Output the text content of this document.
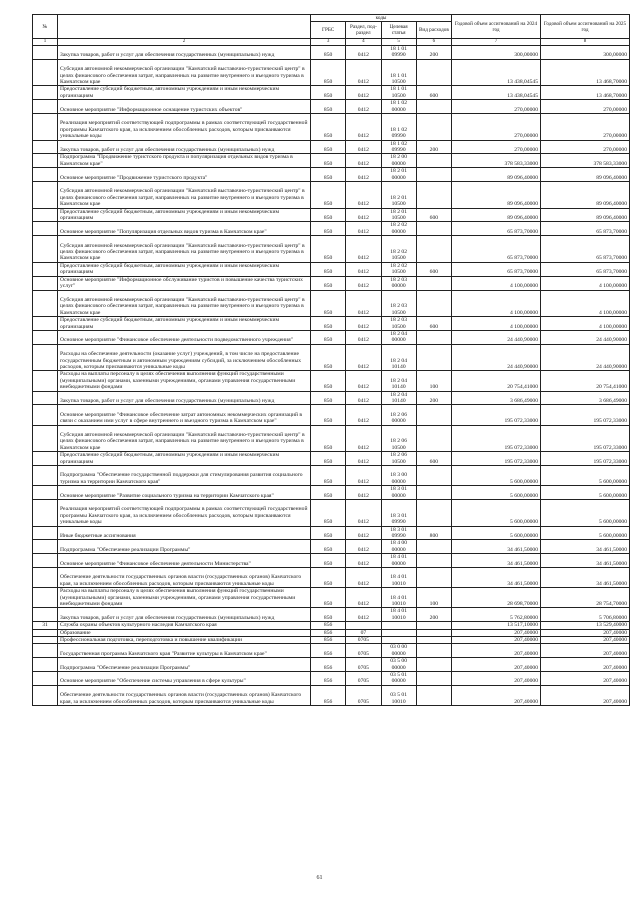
№		коды				Годовой объем ассигнований на 2024 год	Годовой объем ассигнований на 2025 год
		ГРБС	Раздел, под-раздел	Целевая статья	Вид расходов		
1	2	3	4	5	6	7	8
	Закупка товаров, работ и услуг для обеспечения государственных (муниципальных) нужд	850	0412	18 1 01 09990	200	300,00000	300,00000
	Субсидия автономной некоммерческой организации "Камчатский выставочно-туристический центр" в целях финансового обеспечения затрат, направленных на развитие внутреннего и въездного туризма в Камчатском крае	850	0412	18 1 01 10500		13 438,04545	13 468,70000
	Предоставление субсидий бюджетным, автономным учреждениям и иным некоммерческим организациям	850	0412	18 1 01 10500	600	13 438,04545	13 468,70000
	Основное мероприятие "Информационное оснащение туристских объектов"	850	0412	18 1 02 00000		270,00000	270,00000
	Реализация мероприятий соответствующей подпрограммы в рамках соответствующей государственной программы Камчатского края, за исключением обособленных расходов, которым присваиваются уникальные коды	850	0412	18 1 02 09990		270,00000	270,00000
	Закупка товаров, работ и услуг для обеспечения государственных (муниципальных) нужд	850	0412	18 1 02 09990	200	270,00000	270,00000
	Подпрограмма "Продвижение туристского продукта и популяризация отдельных видов туризма в Камчатском крае"	850	0412	18 2 00 00000		378 583,33000	378 583,33000
	Основное мероприятие "Продвижение туристского продукта"	850	0412	18 2 01 00000		89 096,40000	89 096,40000
	Субсидия автономной некоммерческой организации "Камчатский выставочно-туристический центр" в целях финансового обеспечения затрат, направленных на развитие внутреннего и въездного туризма в Камчатском крае	850	0412	18 2 01 10500		89 096,40000	89 096,40000
	Предоставление субсидий бюджетным, автономным учреждениям и иным некоммерческим организациям	850	0412	18 2 01 10500	600	89 096,40000	89 096,40000
	Основное мероприятие "Популяризация отдельных видов туризма в Камчатском крае"	850	0412	18 2 02 00000		65 873,70000	65 873,70000
	Субсидия автономной некоммерческой организации "Камчатский выставочно-туристический центр" в целях финансового обеспечения затрат, направленных на развитие внутреннего и въездного туризма в Камчатском крае	850	0412	18 2 02 10500		65 873,70000	65 873,70000
	Предоставление субсидий бюджетным, автономным учреждениям и иным некоммерческим организациям	850	0412	18 2 02 10500	600	65 873,70000	65 873,70000
	Основное мероприятие "Информационное обслуживание туристов и повышение качества туристских услуг"	850	0412	18 2 03 00000		4 100,00000	4 100,00000
	Субсидия автономной некоммерческой организации "Камчатский выставочно-туристический центр" в целях финансового обеспечения затрат, направленных на развитие внутреннего и въездного туризма в Камчатском крае	850	0412	18 2 03 10500		4 100,00000	4 100,00000
	Предоставление субсидий бюджетным, автономным учреждениям и иным некоммерческим организациям	850	0412	18 2 03 10500	600	4 100,00000	4 100,00000
	Основное мероприятие "Финансовое обеспечение деятельности подведомственного учреждения"	850	0412	18 2 04 00000		24 440,90000	24 440,90000
	Расходы на обеспечение деятельности (оказание услуг) учреждений, в том числе на предоставление государственным бюджетным и автономным учреждениям субсидий, за исключением обособленных расходов, которым присваиваются уникальные коды	850	0412	18 2 04 10140		24 440,90000	24 440,90000
	Расходы на выплаты персоналу в целях обеспечения выполнения функций государственными (муниципальными) органами, казенными учреждениями, органами управления государственными внебюджетными фондами	850	0412	18 2 04 10140	100	20 754,41000	20 754,41000
	Закупка товаров, работ и услуг для обеспечения государственных (муниципальных) нужд	850	0412	18 2 04 10140	200	3 686,49000	3 686,49000
	Основное мероприятие "Финансовое обеспечение затрат автономных некоммерческих организаций в связи с оказанием ими услуг в сфере внутреннего и въездного туризма в Камчатском крае"	850	0412	18 2 06 00000		195 072,33000	195 072,33000
	Субсидия автономной некоммерческой организации "Камчатский выставочно-туристический центр" в целях финансового обеспечения затрат, направленных на развитие внутреннего и въездного туризма в Камчатском крае	850	0412	18 2 06 10500		195 072,33000	195 072,33000
	Предоставление субсидий бюджетным, автономным учреждениям и иным некоммерческим организациям	850	0412	18 2 06 10500	600	195 072,33000	195 072,33000
	Подпрограмма "Обеспечение государственной поддержки для стимулирования развития социального туризма на территории Камчатского края"	850	0412	18 3 00 00000		5 600,00000	5 600,00000
	Основное мероприятие "Развитие социального туризма на территории Камчатского края"	850	0412	18 3 01 00000		5 600,00000	5 600,00000
	Реализация мероприятий соответствующей подпрограммы в рамках соответствующей государственной программы Камчатского края, за исключением обособленных расходов, которым присваиваются уникальные коды	850	0412	18 3 01 09990		5 600,00000	5 600,00000
	Иные бюджетные ассигнования	850	0412	18 3 01 09990	800	5 600,00000	5 600,00000
	Подпрограмма "Обеспечение реализации Программы"	850	0412	18 4 00 00000		34 461,50000	34 461,50000
	Основное мероприятие "Финансовое обеспечение деятельности Министерства"	850	0412	18 4 01 00000		34 461,50000	34 461,50000
	Обеспечение деятельности государственных органов власти (государственных органов) Камчатского края, за исключением обособленных расходов, которым присваиваются уникальные коды	850	0412	18 4 01 10010		34 461,50000	34 461,50000
	Расходы на выплаты персоналу в целях обеспечения выполнения функций государственными (муниципальными) органами, казенными учреждениями, органами управления государственными внебюджетными фондами	850	0412	18 4 01 10010	100	28 698,70000	28 754,70000
	Закупка товаров, работ и услуг для обеспечения государственных (муниципальных) нужд	850	0412	18 4 01 10010	200	5 762,80000	5 706,80000
31	Служба охраны объектов культурного наследия Камчатского края	856				13 517,10000	13 529,40000
	Образование	856	07			207,40000	207,40000
	Профессиональная подготовка, переподготовка и повышение квалификации	856	0705			207,40000	207,40000
	Государственная программа Камчатского края "Развитие культуры в Камчатском крае"	856	0705	03 0 00 00000		207,40000	207,40000
	Подпрограмма "Обеспечение реализации Программы"	856	0705	03 5 00 00000		207,40000	207,40000
	Основное мероприятие "Обеспечение системы управления в сфере культуры"	856	0705	03 5 01 00000		207,40000	207,40000
	Обеспечение деятельности государственных органов власти (государственных органов) Камчатского края, за исключением обособленных расходов, которым присваиваются уникальные коды	856	0705	03 5 01 10010		207,40000	207,40000
61
